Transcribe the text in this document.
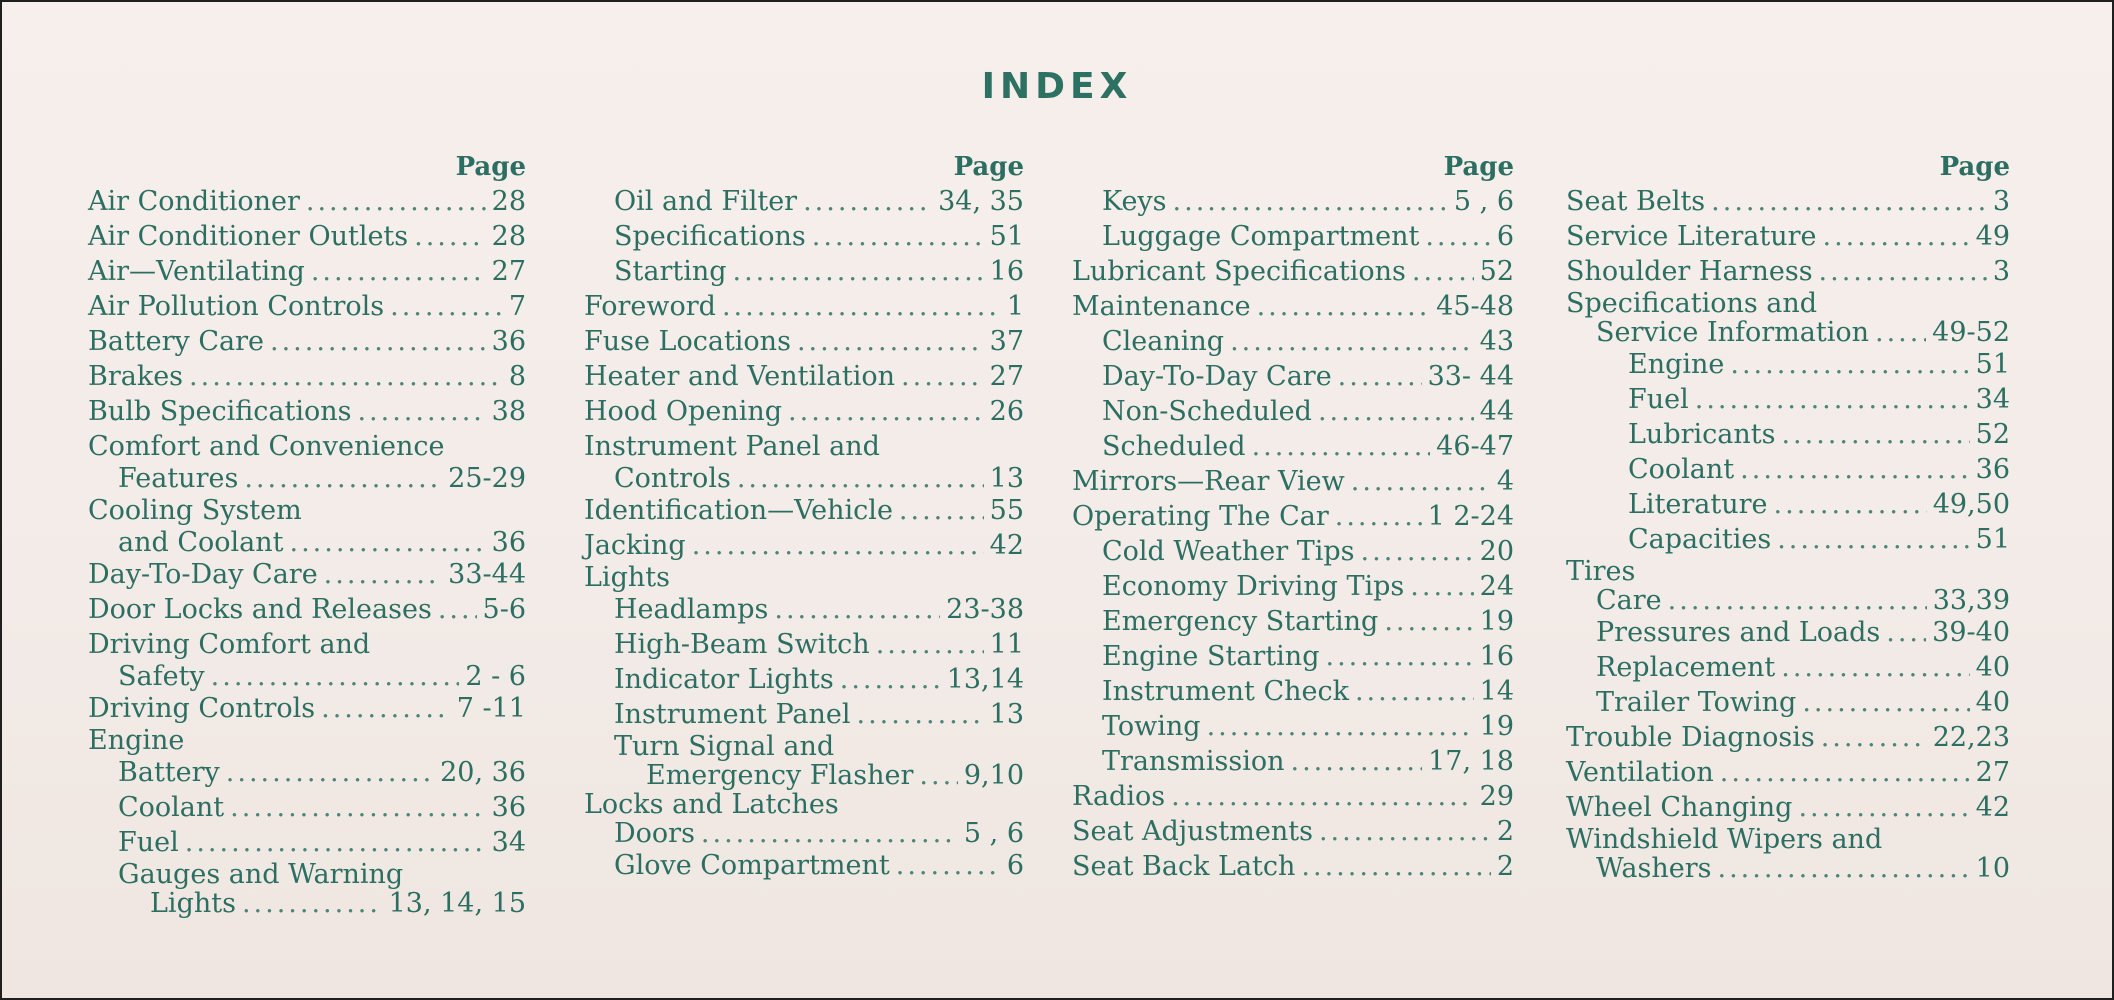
INDEX
Page
Air Conditioner .....	28
Air Conditioner Outlets .....	28
Air—Ventilating .....	27
Air Pollution Controls .....	7
Battery Care .....	36
Brakes .....	8
Bulb Specifications .....	38
Comfort and Convenience
Features .....	25-29
Cooling System
and Coolant .....	36
Day-To-Day Care .....	33-44
Door Locks and Releases ..... 5-6
Driving Comfort and
Safety .....	2 - 6
Driving Controls .....	7 -11
Engine
Battery .....	20, 36
Coolant .....	36
Fuel .....	34
Gauges and Warning
Lights .....	13, 14, 15
Page
Oil and Filter .....	34, 35
Specifications .....	51
Starting .....	16
Foreword .....	1
Fuse Locations .....	37
Heater and Ventilation .....	27
Hood Opening .....	26
Instrument Panel and
Controls .....	13
Identification—Vehicle .....	55
Jacking .....	42
Lights
Headlamps .....	23-38
High-Beam Switch .....	11
Indicator Lights .....	13,14
Instrument Panel .....	13
Turn Signal and
Emergency Flasher ..... 9,10
Locks and Latches
Doors .....	5 , 6
Glove Compartment .....	6
Page
Keys .....	5 , 6
Luggage Compartment .....	6
Lubricant Specifications .....	52
Maintenance .....	45-48
Cleaning .....	43
Day-To-Day Care .....	33- 44
Non-Scheduled .....	44
Scheduled .....	46-47
Mirrors—Rear View .....	4
Operating The Car .....	1 2-24
Cold Weather Tips .....	20
Economy Driving Tips .....	24
Emergency Starting .....	19
Engine Starting .....	16
Instrument Check .....	14
Towing .....	19
Transmission .....	17, 18
Radios .....	29
Seat Adjustments .....	2
Seat Back Latch .....	2
Page
Seat Belts .....	3
Service Literature .....	49
Shoulder Harness .....	3
Specifications and
Service Information ..... 49-52
Engine .....	51
Fuel .....	34
Lubricants .....	52
Coolant .....	36
Literature .....	49,50
Capacities .....	51
Tires
Care .....	33,39
Pressures and Loads ..... 39-40
Replacement .....	40
Trailer Towing .....	40
Trouble Diagnosis .....	22,23
Ventilation .....	27
Wheel Changing .....	42
Windshield Wipers and
Washers .....	10
